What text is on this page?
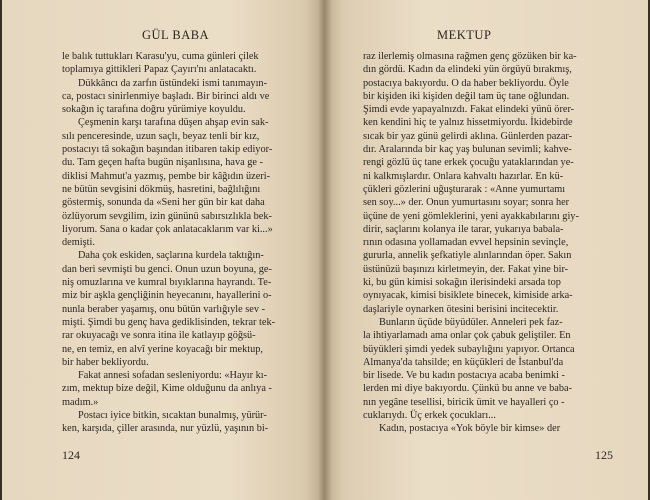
GÜL BABA
le balık tuttukları Karasu'yu, cuma günleri çilek
toplamıya gittikleri Papaz Çayırı'nı anlatacaktı.
Dükkâncı da zarfın üstündeki ismi tanımayın-
ca, postacı sinirlenmiye başladı. Bir birinci aldı ve
sokağın iç tarafına doğru yürümiye koyuldu.
Çeşmenin karşı tarafına düşen ahşap evin sak-
sılı penceresinde, uzun saçlı, beyaz tenli bir kız,
postacıyı tâ sokağın başından itibaren takip ediyor-
du. Tam geçen hafta bugün nişanlısına, hava ge -
diklisi Mahmut'a yazmış, pembe bir kâğıdın üzeri-
ne bütün sevgisini dökmüş, hasretini, bağlılığını
göstermiş, sonunda da «Seni her gün bir kat daha
özlüyorum sevgilim, izin gününü sabırsızlıkla bek-
liyorum. Sana o kadar çok anlatacaklarım var ki...»
demişti.
Daha çok eskiden, saçlarına kurdela taktığın-
dan beri sevmişti bu genci. Onun uzun boyuna, ge-
niş omuzlarına ve kumral bıyıklarına hayrandı. Te-
miz bir aşkla gençliğinin heyecanını, hayallerini o-
nunla beraber yaşamış, onu bütün varlığıyle sev -
mişti. Şimdi bu genç hava gediklisinden, tekrar tek-
rar okuyacağı ve sonra itina ile katlayıp göğsü-
ne, en temiz, en alvî yerine koyacağı bir mektup,
bir haber bekliyordu.
Fakat annesi sofadan sesleniyordu: «Hayır kı-
zım, mektup bize değil, Kime olduğunu da anlıya -
madım.»
Postacı iyice bitkin, sıcaktan bunalmış, yürür-
ken, karşıda, çiller arasında, nur yüzlü, yaşının bi-
124
MEKTUP
raz ilerlemiş olmasına rağmen genç gözüken bir ka-
dın gördü. Kadın da elindeki yün örgüyü bırakmış,
postacıya bakıyordu. O da haber bekliyordu. Öyle
bir kişiden iki kişiden değil tam üç tane oğlundan.
Şimdi evde yapayalnızdı. Fakat elindeki yünü örer-
ken kendini hiç te yalnız hissetmiyordu. İkidebirde
sıcak bir yaz günü gelirdi aklına. Günlerden pazar-
dır. Aralarında bir kaç yaş bulunan sevimli; kahve-
rengi gözlü üç tane erkek çocuğu yataklarından ye-
ni kalkmışlardır. Onlara kahvaltı hazırlar. En kü-
çükleri gözlerini uğuşturarak : «Anne yumurtamı
sen soy...» der. Onun yumurtasını soyar; sonra her
üçüne de yeni gömleklerini, yeni ayakkabılarını giy-
dirir, saçlarını kolanya ile tarar, yukarıya babala-
rının odasına yollamadan evvel hepsinin sevinçle,
gururla, annelik şefkatiyle alınlarından öper. Sakın
üstünüzü başınızı kirletmeyin, der. Fakat yine bir-
ki, bu gün kimisi sokağın ilerisindeki arsada top
oynıyacak, kimisi bisiklete binecek, kimiside arka-
daşlariyle oynarken ötesini berisini incitecektir.
Bunların üçüde büyüdüler. Anneleri pek faz-
la ihtiyarlamadı ama onlar çok çabuk geliştiler. En
büyükleri şimdi yedek subaylığını yapıyor. Ortanca
Almanya'da tahsilde; en küçükleri de İstanbul'da
bir lisede. Ve bu kadın postacıya acaba benimki -
lerden mi diye bakıyordu. Çünkü bu anne ve baba-
nın yegâne tesellisi, biricik ümit ve hayalleri ço -
cuklarıydı. Üç erkek çocukları...
Kadın, postacıya «Yok böyle bir kimse» der
125
